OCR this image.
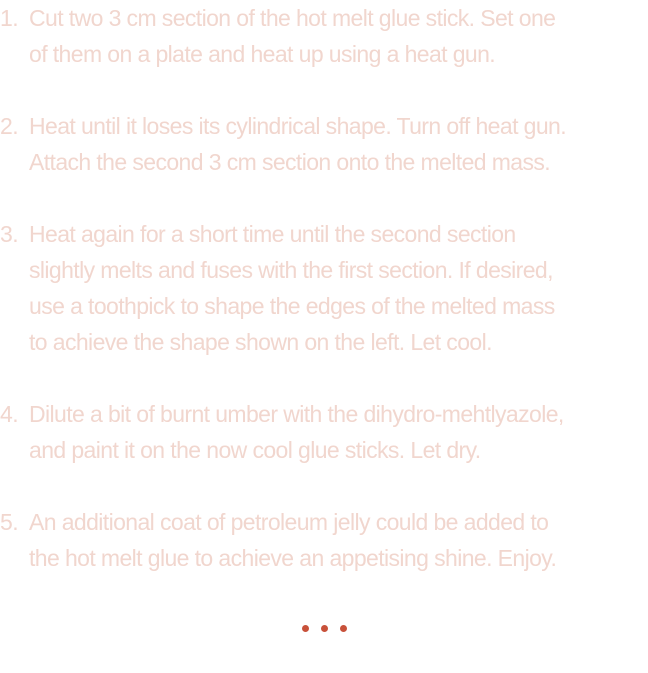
1. Cut two 3 cm section of the hot melt glue stick. Set one
of them on a plate and heat up using a heat gun.
2. Heat until it loses its cylindrical shape. Turn off heat gun.
Attach the second 3 cm section onto the melted mass.
3. Heat again for a short time until the second section
slightly melts and fuses with the first section. If desired,
use a toothpick to shape the edges of the melted mass
to achieve the shape shown on the left. Let cool.
4. Dilute a bit of burnt umber with the dihydro-mehtlyazole,
and paint it on the now cool glue sticks. Let dry.
5. An additional coat of petroleum jelly could be added to
the hot melt glue to achieve an appetising shine. Enjoy.
